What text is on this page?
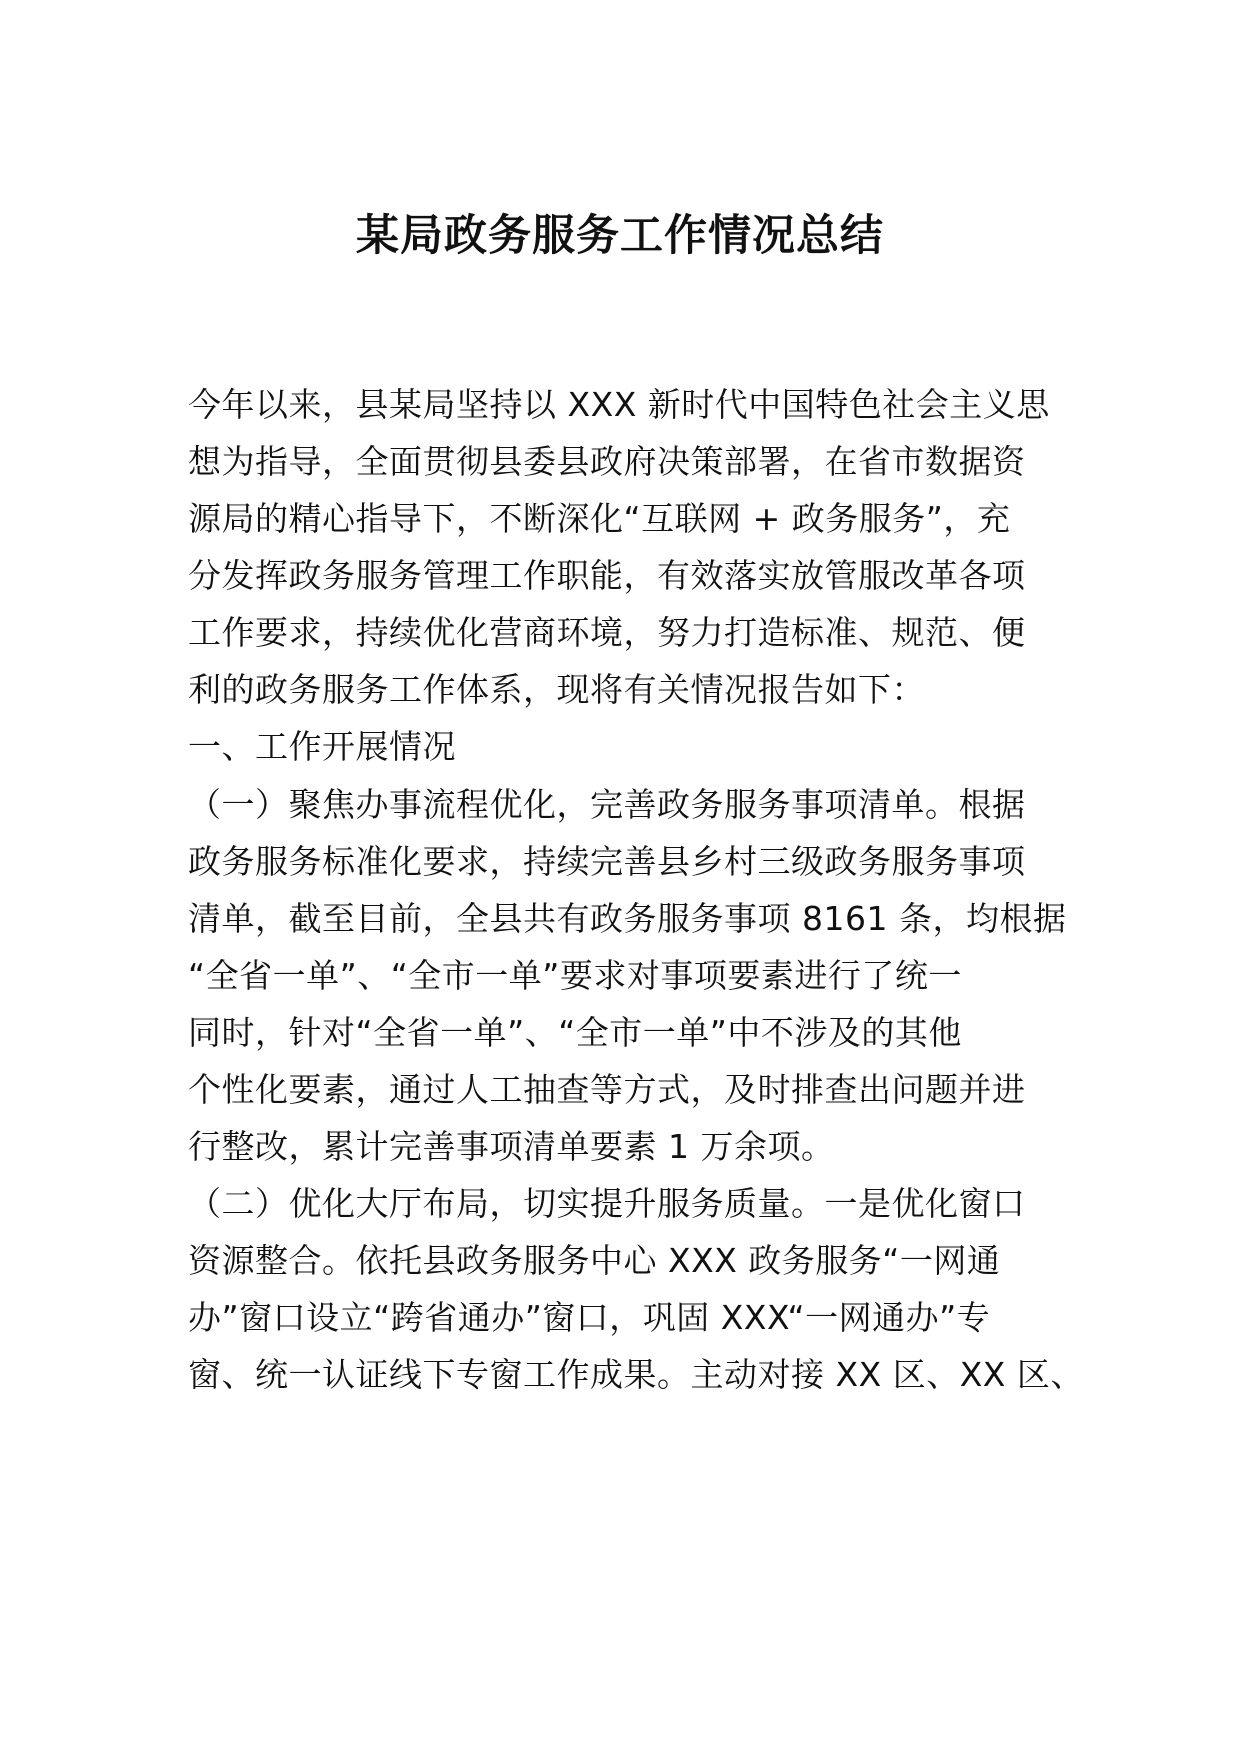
某局政务服务工作情况总结
今年以来，县某局坚持以 XXX 新时代中国特色社会主义思
想为指导，全面贯彻县委县政府决策部署，在省市数据资
源局的精心指导下，不断深化“互联网 + 政务服务”，充
分发挥政务服务管理工作职能，有效落实放管服改革各项
工作要求，持续优化营商环境，努力打造标准、规范、便
利的政务服务工作体系，现将有关情况报告如下：
一、工作开展情况
（一）聚焦办事流程优化，完善政务服务事项清单。根据
政务服务标准化要求，持续完善县乡村三级政务服务事项
清单，截至目前，全县共有政务服务事项 8161 条，均根据
“全省一单”、“全市一单”要求对事项要素进行了统一
同时，针对“全省一单”、“全市一单”中不涉及的其他
个性化要素，通过人工抽查等方式，及时排查出问题并进
行整改，累计完善事项清单要素 1 万余项。
（二）优化大厅布局，切实提升服务质量。一是优化窗口
资源整合。依托县政务服务中心 XXX 政务服务“一网通
办”窗口设立“跨省通办”窗口，巩固 XXX“一网通办”专
窗、统一认证线下专窗工作成果。主动对接 XX 区、XX 区、
